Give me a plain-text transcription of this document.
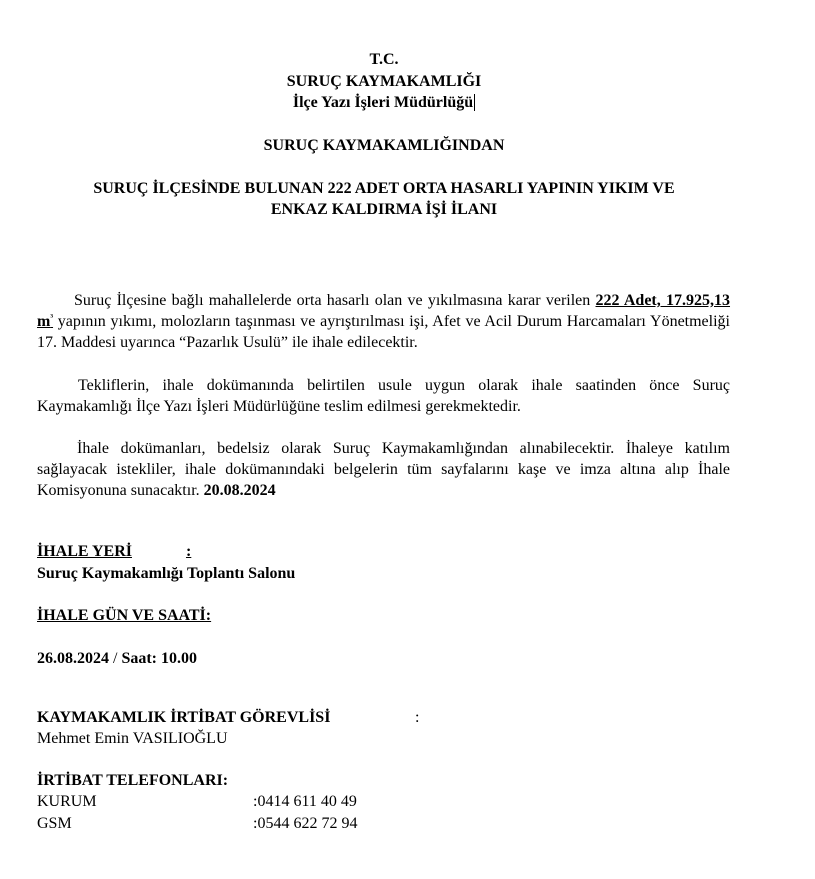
T.C.
SURUÇ KAYMAKAMLIĞI
İlçe Yazı İşleri Müdürlüğü
SURUÇ KAYMAKAMLIĞINDAN
SURUÇ İLÇESİNDE BULUNAN 222 ADET ORTA HASARLI YAPININ YIKIM VE
ENKAZ KALDIRMA İŞİ İLANI
Suruç İlçesine bağlı mahallelerde orta hasarlı olan ve yıkılmasına karar verilen 222 Adet, 17.925,13 $m^{^3}$ yapının yıkımı, molozların taşınması ve ayrıştırılması işi, Afet ve Acil Durum Harcamaları Yönetmeliği 17. Maddesi uyarınca “Pazarlık Usulü” ile ihale edilecektir.
Tekliflerin, ihale dokümanında belirtilen usule uygun olarak ihale saatinden önce Suruç Kaymakamlığı İlçe Yazı İşleri Müdürlüğüne teslim edilmesi gerekmektedir.
İhale dokümanları, bedelsiz olarak Suruç Kaymakamlığından alınabilecektir. İhaleye katılım sağlayacak istekliler, ihale dokümanındaki belgelerin tüm sayfalarını kaşe ve imza altına alıp İhale Komisyonuna sunacaktır. 20.08.2024
İHALE YERİ	:
Suruç Kaymakamlığı Toplantı Salonu
İHALE GÜN VE SAATİ:
26.08.2024 / Saat: 10.00
KAYMAKAMLIK İRTİBAT GÖREVLİSİ	:
Mehmet Emin VASILIOĞLU
İRTİBAT TELEFONLARI:
KURUM	:0414 611 40 49
GSM	:0544 622 72 94
